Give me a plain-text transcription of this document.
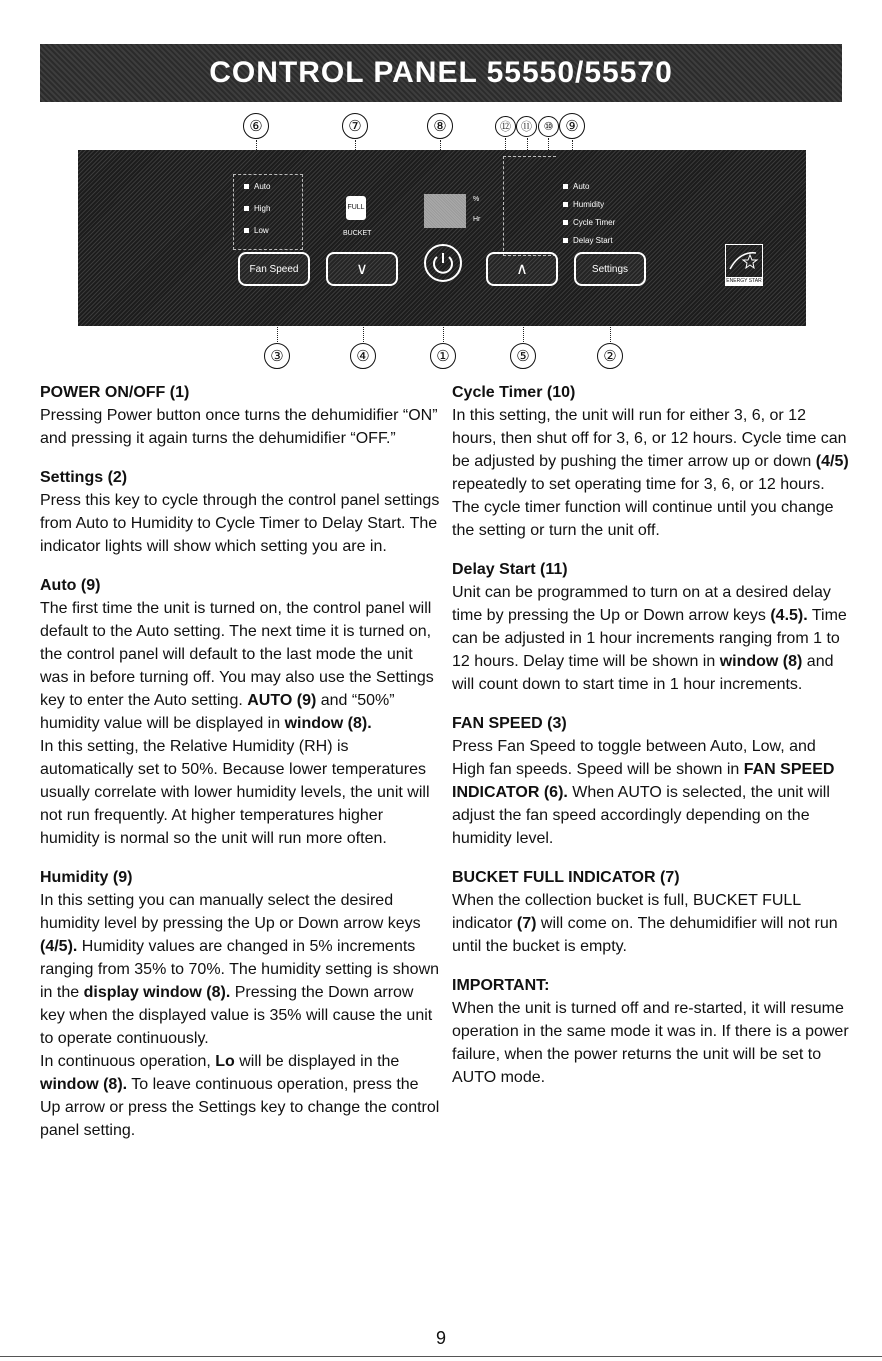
CONTROL PANEL 55550/55570
⑥	⑦	⑧	⑫ ⑪	⑩ ⑨
Auto
High
Low
FULL
BUCKET
%
Hr
Auto
Humidity
Cycle Timer
Delay Start
Fan Speed	∨	∧	Settings
ENERGY STAR
③	④	①	⑤	②
POWER ON/OFF (1)

Pressing Power button once turns the dehumidifier “ON” and pressing it again turns the dehumidifier “OFF.”

Settings (2)

Press this key to cycle through the control panel settings from Auto to Humidity to Cycle Timer to Delay Start. The indicator lights will show which setting you are in.

Auto (9)

The first time the unit is turned on, the control panel will default to the Auto setting. The next time it is turned on, the control panel will default to the last mode the unit was in before turning off. You may also use the Settings key to enter the Auto setting. AUTO (9) and “50%” humidity value will be displayed in window (8).
In this setting, the Relative Humidity (RH) is automatically set to 50%. Because lower temperatures usually correlate with lower humidity levels, the unit will not run frequently. At higher temperatures higher humidity is normal so the unit will run more often.

Humidity (9)

In this setting you can manually select the desired humidity level by pressing the Up or Down arrow keys (4/5). Humidity values are changed in 5% increments ranging from 35% to 70%. The humidity setting is shown in the display window (8). Pressing the Down arrow key when the displayed value is 35% will cause the unit to operate continuously.
In continuous operation, Lo will be displayed in the window (8). To leave continuous operation, press the Up arrow or press the Settings key to change the control panel setting.

Cycle Timer (10)

In this setting, the unit will run for either 3, 6, or 12 hours, then shut off for 3, 6, or 12 hours. Cycle time can be adjusted by pushing the timer arrow up or down (4/5) repeatedly to set operating time for 3, 6, or 12 hours. The cycle timer function will continue until you change the setting or turn the unit off.

Delay Start (11)

Unit can be programmed to turn on at a desired delay time by pressing the Up or Down arrow keys (4.5). Time can be adjusted in 1 hour increments ranging from 1 to 12 hours. Delay time will be shown in window (8) and will count down to start time in 1 hour increments.

FAN SPEED (3)

Press Fan Speed to toggle between Auto, Low, and High fan speeds. Speed will be shown in FAN SPEED INDICATOR (6). When AUTO is selected, the unit will adjust the fan speed accordingly depending on the humidity level.

BUCKET FULL INDICATOR (7)

When the collection bucket is full, BUCKET FULL indicator (7) will come on. The dehumidifier will not run until the bucket is empty.

IMPORTANT:

When the unit is turned off and re-started, it will resume operation in the same mode it was in. If there is a power failure, when the power returns the unit will be set to AUTO mode.

9
